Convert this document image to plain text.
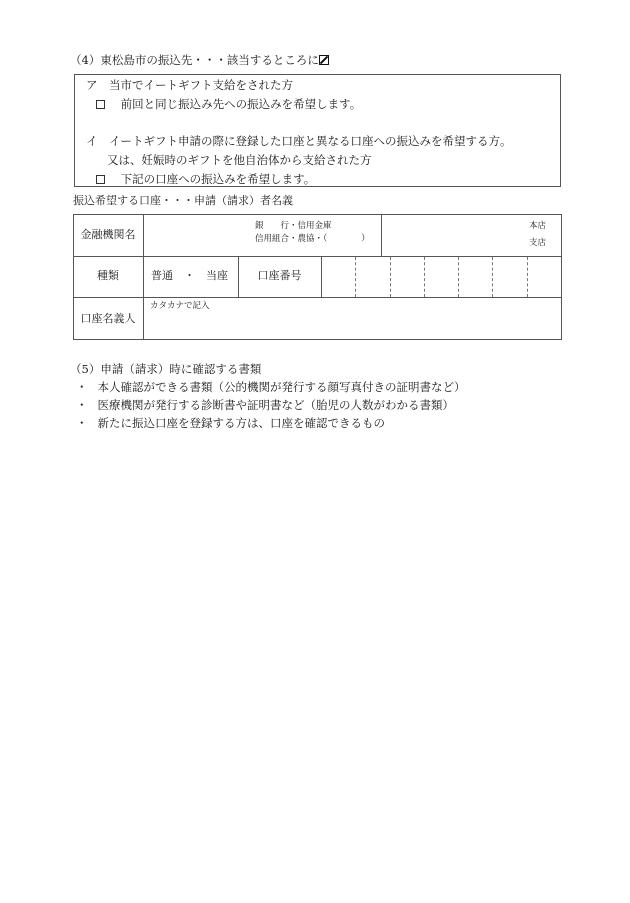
（4）東松島市の振込先・・・該当するところに
ア　当市でイートギフト支給をされた方
前回と同じ振込み先への振込みを希望します。
イ　イートギフト申請の際に登録した口座と異なる口座への振込みを希望する方。
又は、妊娠時のギフトを他自治体から支給された方
下記の口座への振込みを希望します。
振込希望する口座・・・申請（請求）者名義
金融機関名
銀　　行・信用金庫
信用組合・農協・（　　　　）
本店
支店
種類	普通　・　当座	口座番号
口座名義人
カタカナで記入
（5）申請（請求）時に確認する書類
・ 本人確認ができる書類（公的機関が発行する顔写真付きの証明書など）
・ 医療機関が発行する診断書や証明書など（胎児の人数がわかる書類）
・ 新たに振込口座を登録する方は、口座を確認できるもの
